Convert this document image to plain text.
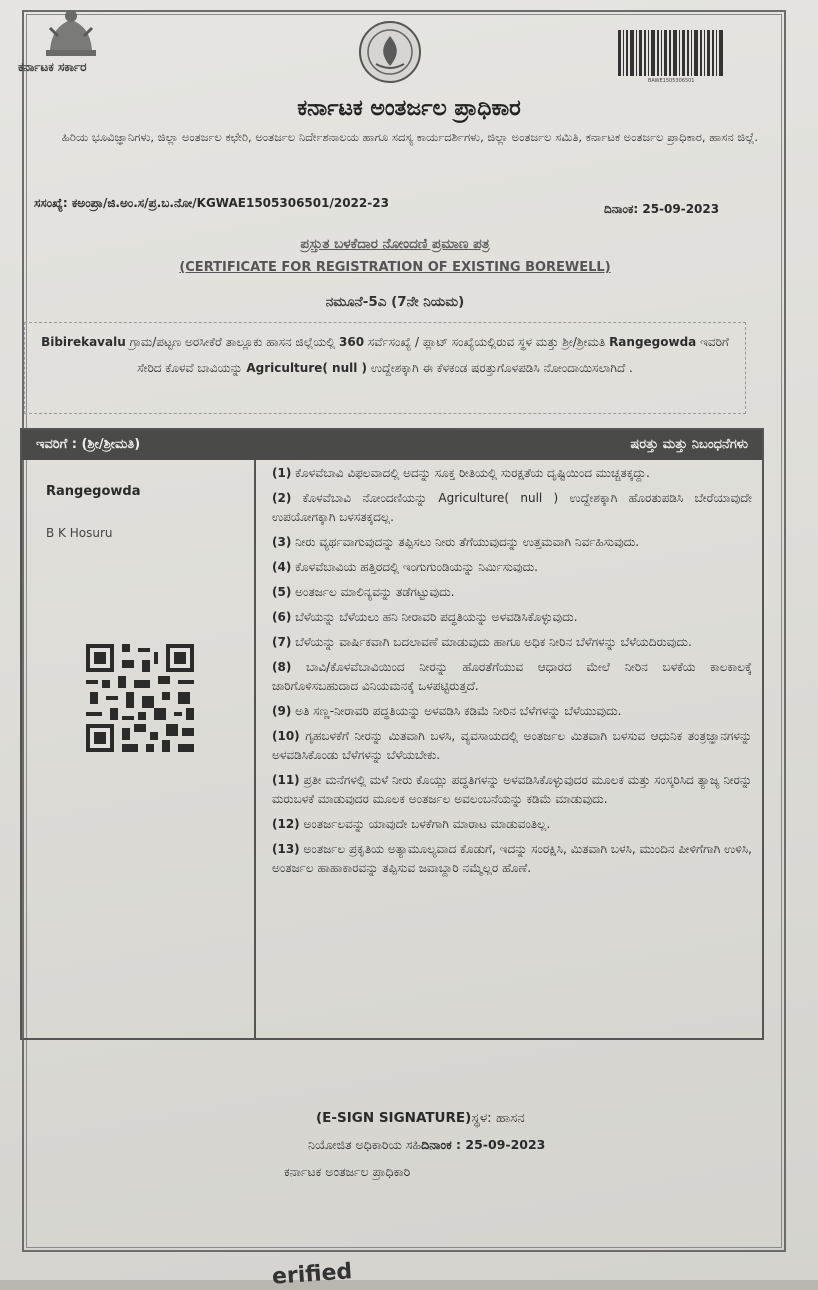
ಕರ್ನಾಟಕ ಸರ್ಕಾರ
BAWE1505306501
ಕರ್ನಾಟಕ ಅಂತರ್ಜಲ ಪ್ರಾಧಿಕಾರ
ಹಿರಿಯ ಭೂವಿಜ್ಞಾನಿಗಳು, ಜಿಲ್ಲಾ ಅಂತರ್ಜಲ ಕಛೇರಿ, ಅಂತರ್ಜಲ ನಿರ್ದೇಶನಾಲಯ ಹಾಗೂ ಸದಸ್ಯ ಕಾರ್ಯದರ್ಶಿಗಳು, ಜಿಲ್ಲಾ ಅಂತರ್ಜಲ ಸಮಿತಿ, ಕರ್ನಾಟಕ ಅಂತರ್ಜಲ ಪ್ರಾಧಿಕಾರ, ಹಾಸನ ಜಿಲ್ಲೆ.
ಸಸಂಖ್ಯೆ: ಕಅಂಪ್ರಾ/ಜಿ.ಅಂ.ಸ/ಪ್ರ.ಬ.ನೋ/KGWAE1505306501/2022-23	ದಿನಾಂಕ: 25-09-2023
ಪ್ರಸ್ತುತ ಬಳಕೆದಾರ ನೋಂದಣಿ ಪ್ರಮಾಣ ಪತ್ರ
(CERTIFICATE FOR REGISTRATION OF EXISTING BOREWELL)
ನಮೂನೆ-5ಎ (7ನೇ ನಿಯಮ)
Bibirekavalu ಗ್ರಾಮ/ಪಟ್ಟಣ ಅರಸೀಕೆರೆ ತಾಲ್ಲೂಕು ಹಾಸನ ಜಿಲ್ಲೆಯಲ್ಲಿ 360 ಸರ್ವೆಸಂಖ್ಯೆ / ಪ್ಲಾಟ್ ಸಂಖ್ಯೆಯಲ್ಲಿರುವ ಸ್ಥಳ ಮತ್ತು ಶ್ರೀ/ಶ್ರೀಮತಿ Rangegowda ಇವರಿಗೆ ಸೇರಿದ ಕೊಳವೆ ಬಾವಿಯನ್ನು Agriculture( null ) ಉದ್ದೇಶಕ್ಕಾಗಿ ಈ ಕೆಳಕಂಡ ಷರತ್ತುಗೊಳಪಡಿಸಿ ನೋಂದಾಯಿಸಲಾಗಿದೆ .
ಇವರಿಗೆ : (ಶ್ರೀ/ಶ್ರೀಮತಿ)	ಷರತ್ತು ಮತ್ತು ನಿಬಂಧನೆಗಳು
Rangegowda
B K Hosuru
(1) ಕೊಳವೆಬಾವಿ ವಿಫಲವಾದಲ್ಲಿ ಅದನ್ನು ಸೂಕ್ತ ರೀತಿಯಲ್ಲಿ ಸುರಕ್ಷತೆಯ ದೃಷ್ಟಿಯಿಂದ ಮುಚ್ಚತಕ್ಕದ್ದು.
(2) ಕೊಳವೆಬಾವಿ ನೋಂದಣಿಯನ್ನು Agriculture( null ) ಉದ್ದೇಶಕ್ಕಾಗಿ ಹೊರತುಪಡಿಸಿ ಬೇರೆಯಾವುದೇ ಉಪಯೋಗಕ್ಕಾಗಿ ಬಳಸತಕ್ಕದಲ್ಲ.
(3) ನೀರು ವ್ಯರ್ಥವಾಗುವುದನ್ನು ತಪ್ಪಿಸಲು ನೀರು ತೆಗೆಯುವುದನ್ನು ಉತ್ತಮವಾಗಿ ನಿರ್ವಹಿಸುವುದು.
(4) ಕೊಳವೆಬಾವಿಯ ಹತ್ತಿರದಲ್ಲಿ ಇಂಗುಗುಂಡಿಯನ್ನು ನಿರ್ಮಿಸುವುದು.
(5) ಅಂತರ್ಜಲ ಮಾಲಿನ್ಯವನ್ನು ತಡೆಗಟ್ಟುವುದು.
(6) ಬೆಳೆಯನ್ನು ಬೆಳೆಯಲು ಹನಿ ನೀರಾವರಿ ಪದ್ಧತಿಯನ್ನು ಅಳವಡಿಸಿಕೊಳ್ಳುವುದು.
(7) ಬೆಳೆಯನ್ನು ವಾರ್ಷಿಕವಾಗಿ ಬದಲಾವಣೆ ಮಾಡುವುದು ಹಾಗೂ ಅಧಿಕ ನೀರಿನ ಬೆಳೆಗಳನ್ನು ಬೆಳೆಯದಿರುವುದು.
(8) ಬಾವಿ/ಕೊಳವೆಬಾವಿಯಿಂದ ನೀರನ್ನು ಹೊರತೆಗೆಯುವ ಆಧಾರದ ಮೇಲೆ ನೀರಿನ ಬಳಕೆಯ ಕಾಲಕಾಲಕ್ಕೆ ಜಾರಿಗೊಳಿಸಬಹುದಾದ ವಿನಿಯಮನಕ್ಕೆ ಒಳಪಟ್ಟಿರುತ್ತದೆ.
(9) ಅತಿ ಸಣ್ಣ-ನೀರಾವರಿ ಪದ್ಧತಿಯನ್ನು ಅಳವಡಿಸಿ ಕಡಿಮೆ ನೀರಿನ ಬೆಳೆಗಳನ್ನು ಬೆಳೆಯುವುದು.
(10) ಗೃಹಬಳಕೆಗೆ ನೀರನ್ನು ಮಿತವಾಗಿ ಬಳಸಿ, ವ್ಯವಸಾಯದಲ್ಲಿ ಅಂತರ್ಜಲ ಮಿತವಾಗಿ ಬಳಸುವ ಆಧುನಿಕ ತಂತ್ರಜ್ಞಾನಗಳನ್ನು ಅಳವಡಿಸಿಕೊಂಡು ಬೆಳೆಗಳನ್ನು ಬೆಳೆಯಬೇಕು.
(11) ಪ್ರತೀ ಮನೆಗಳಲ್ಲಿ ಮಳೆ ನೀರು ಕೊಯ್ಲು ಪದ್ಧತಿಗಳನ್ನು ಅಳವಡಿಸಿಕೊಳ್ಳುವುದರ ಮೂಲಕ ಮತ್ತು ಸಂಸ್ಕರಿಸಿದ ತ್ಯಾಜ್ಯ ನೀರನ್ನು ಮರುಬಳಕೆ ಮಾಡುವುದರ ಮೂಲಕ ಅಂತರ್ಜಲ ಅವಲಂಬನೆಯನ್ನು ಕಡಿಮೆ ಮಾಡುವುದು.
(12) ಅಂತರ್ಜಲವನ್ನು ಯಾವುದೇ ಬಳಕೆಗಾಗಿ ಮಾರಾಟ ಮಾಡುವಂತಿಲ್ಲ.
(13) ಅಂತರ್ಜಲ ಪ್ರಕೃತಿಯ ಅತ್ಯಾಮೂಲ್ಯವಾದ ಕೊಡುಗೆ, ಇದನ್ನು ಸಂರಕ್ಷಿಸಿ, ಮಿತವಾಗಿ ಬಳಸಿ, ಮುಂದಿನ ಪೀಳಿಗೆಗಾಗಿ ಉಳಿಸಿ, ಅಂತರ್ಜಲ ಹಾಹಾಕಾರವನ್ನು ತಪ್ಪಿಸುವ ಜವಾಬ್ದಾರಿ ನಮ್ಮೆಲ್ಲರ ಹೊಣೆ.
(E-SIGN SIGNATURE)ಸ್ಥಳ: ಹಾಸನ
ನಿಯೋಜಿತ ಅಧಿಕಾರಿಯ ಸಹಿದಿನಾಂಕ : 25-09-2023
ಕರ್ನಾಟಕ ಅಂತರ್ಜಲ ಪ್ರಾಧಿಕಾರಿ
erified
